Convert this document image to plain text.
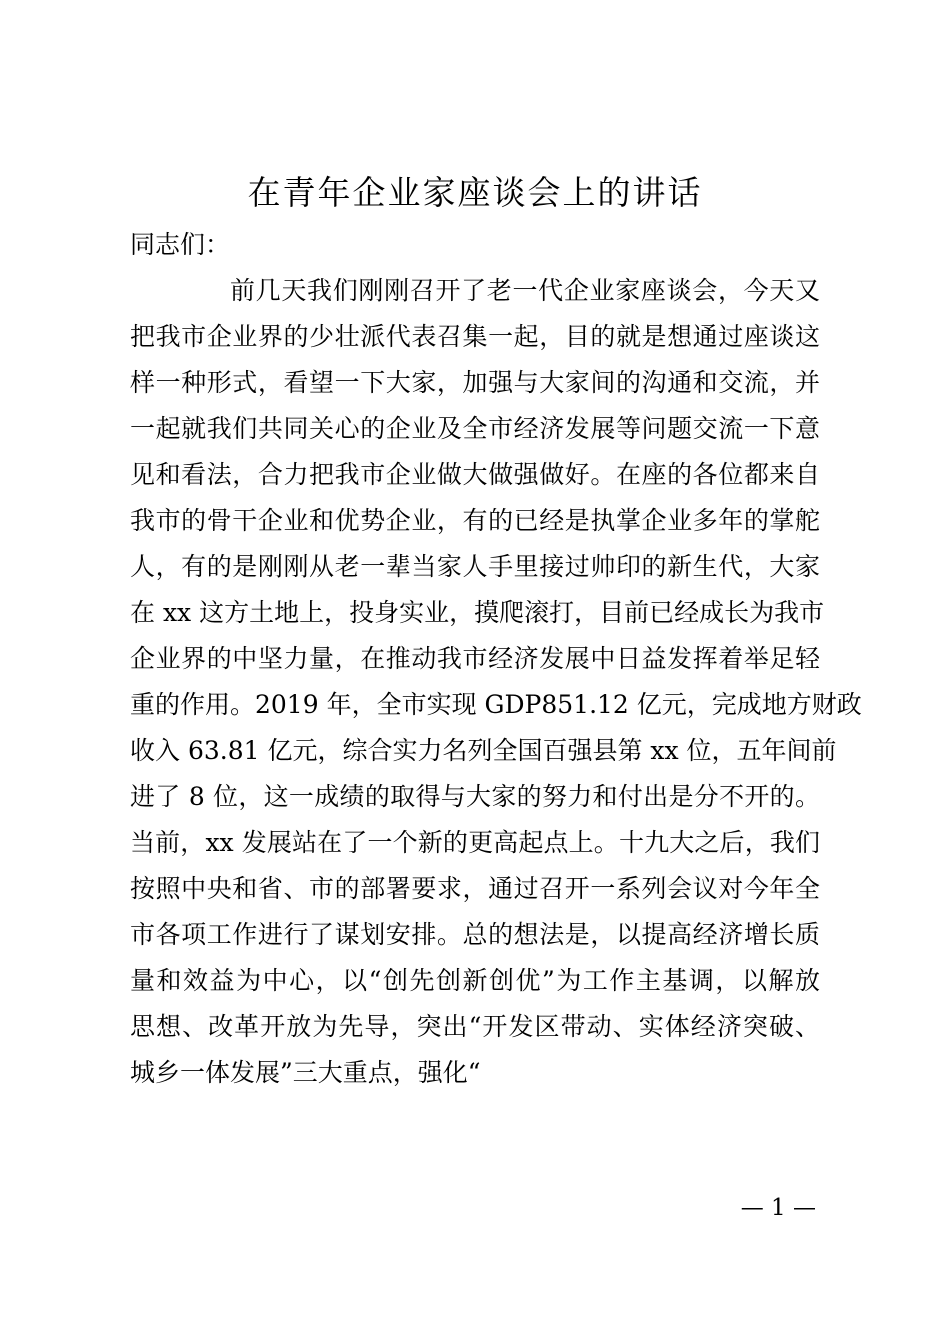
在青年企业家座谈会上的讲话
同志们：
前几天我们刚刚召开了老一代企业家座谈会，今天又
把我市企业界的少壮派代表召集一起，目的就是想通过座谈这
样一种形式，看望一下大家，加强与大家间的沟通和交流，并
一起就我们共同关心的企业及全市经济发展等问题交流一下意
见和看法，合力把我市企业做大做强做好。在座的各位都来自
我市的骨干企业和优势企业，有的已经是执掌企业多年的掌舵
人，有的是刚刚从老一辈当家人手里接过帅印的新生代，大家
在 xx 这方土地上，投身实业，摸爬滚打，目前已经成长为我市
企业界的中坚力量，在推动我市经济发展中日益发挥着举足轻
重的作用。2019 年，全市实现 GDP851.12 亿元，完成地方财政
收入 63.81 亿元，综合实力名列全国百强县第 xx 位，五年间前
进了 8 位，这一成绩的取得与大家的努力和付出是分不开的。
当前，xx 发展站在了一个新的更高起点上。十九大之后，我们
按照中央和省、市的部署要求，通过召开一系列会议对今年全
市各项工作进行了谋划安排。总的想法是，以提高经济增长质
量和效益为中心，以“创先创新创优”为工作主基调，以解放
思想、改革开放为先导，突出“开发区带动、实体经济突破、
城乡一体发展”三大重点，强化“
— 1 —
